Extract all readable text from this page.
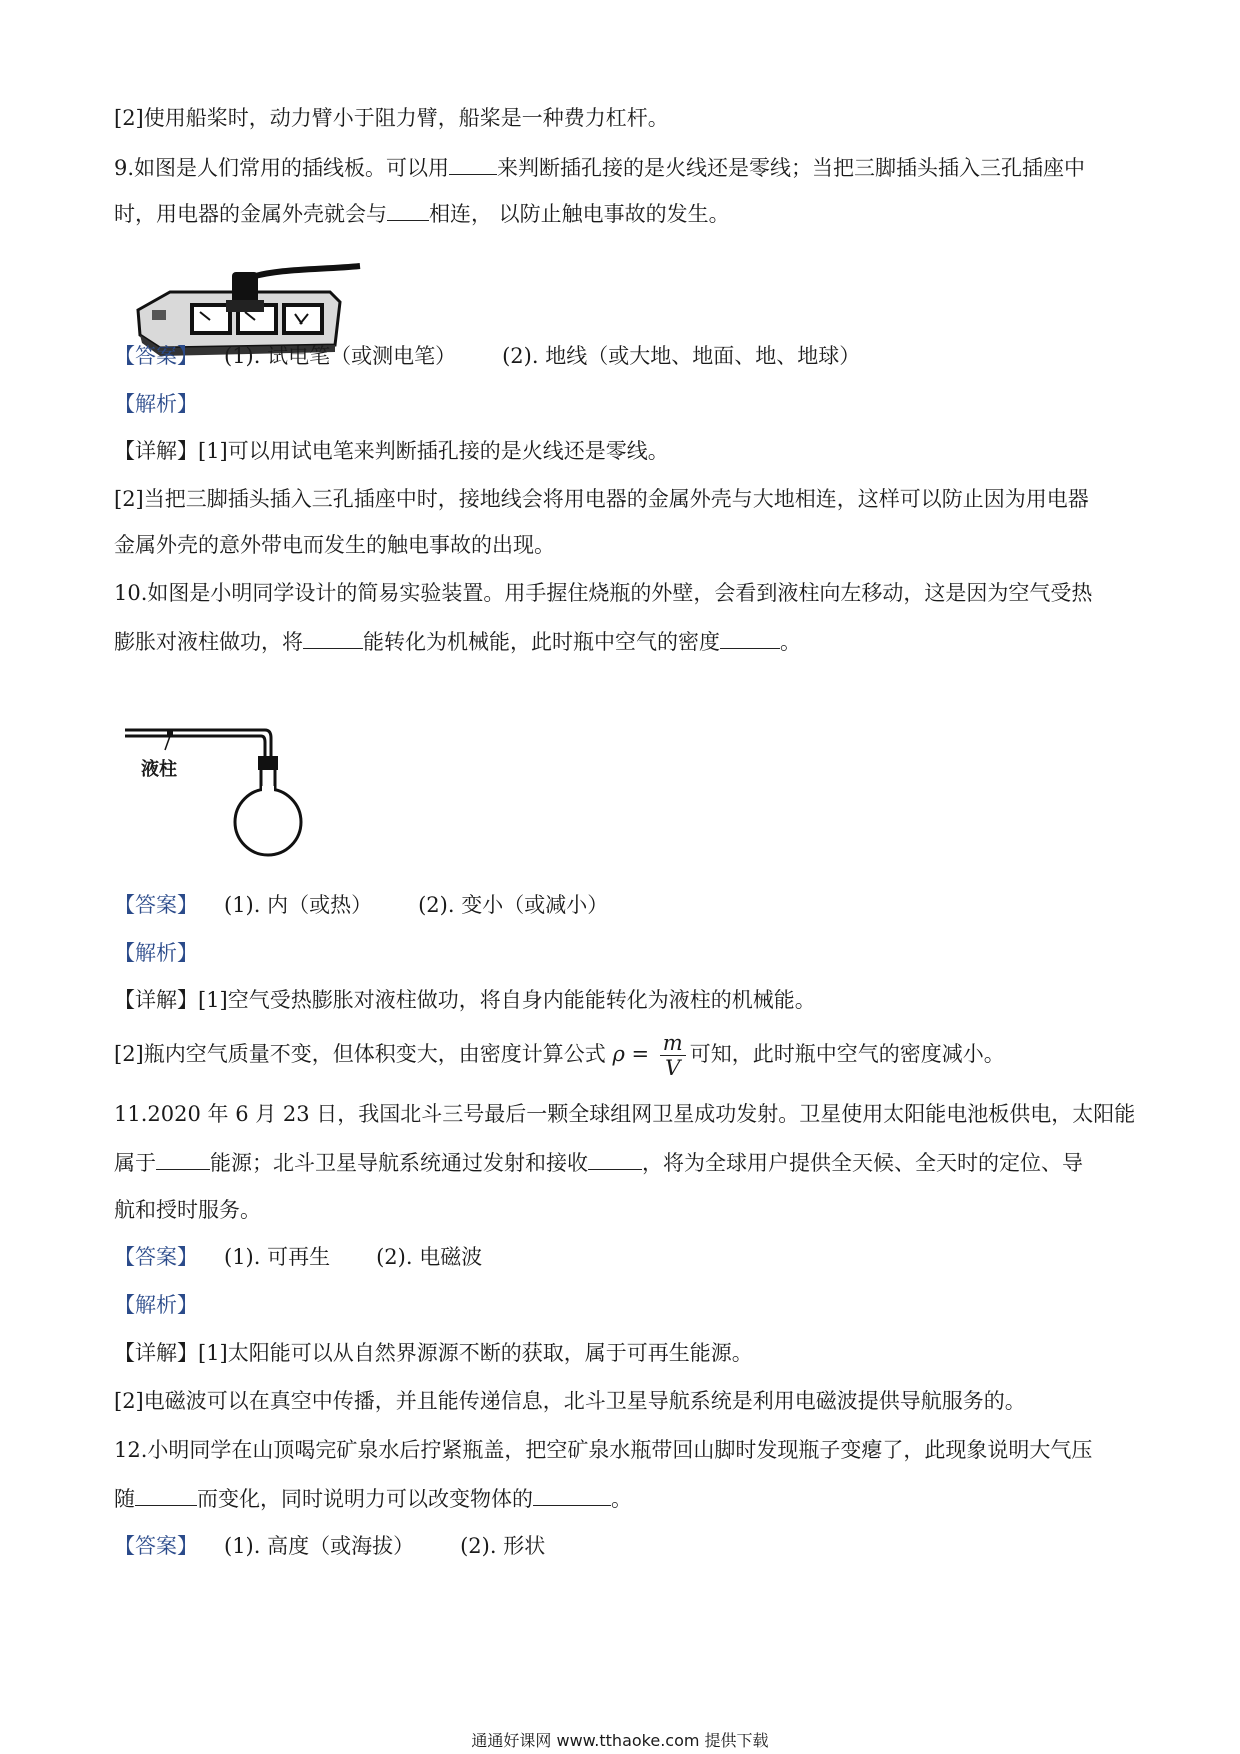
[2]使用船桨时，动力臂小于阻力臂，船桨是一种费力杠杆。
9.如图是人们常用的插线板。可以用 来判断插孔接的是火线还是零线；当把三脚插头插入三孔插座中
时，用电器的金属外壳就会与 相连， 以防止触电事故的发生。
【答案】 (1). 试电笔（或测电笔） (2). 地线（或大地、地面、地、地球）
【解析】
【详解】[1]可以用试电笔来判断插孔接的是火线还是零线。
[2]当把三脚插头插入三孔插座中时，接地线会将用电器的金属外壳与大地相连，这样可以防止因为用电器
金属外壳的意外带电而发生的触电事故的出现。
10.如图是小明同学设计的简易实验装置。用手握住烧瓶的外壁，会看到液柱向左移动，这是因为空气受热
膨胀对液柱做功，将	能转化为机械能，此时瓶中空气的密度	。
液柱
【答案】 (1). 内（或热） (2). 变小（或减小）
【解析】
【详解】[1]空气受热膨胀对液柱做功，将自身内能能转化为液柱的机械能。
[2]瓶内空气质量不变，但体积变大，由密度计算公式 $\rho = \frac{m}{V}$ 可知，此时瓶中空气的密度减小。
11.2020 年 6 月 23 日，我国北斗三号最后一颗全球组网卫星成功发射。卫星使用太阳能电池板供电，太阳能
属于	能源；北斗卫星导航系统通过发射和接收	，将为全球用户提供全天候、全天时的定位、导
航和授时服务。
【答案】 (1). 可再生 (2). 电磁波
【解析】
【详解】[1]太阳能可以从自然界源源不断的获取，属于可再生能源。
[2]电磁波可以在真空中传播，并且能传递信息，北斗卫星导航系统是利用电磁波提供导航服务的。
12.小明同学在山顶喝完矿泉水后拧紧瓶盖，把空矿泉水瓶带回山脚时发现瓶子变瘪了，此现象说明大气压
随	而变化，同时说明力可以改变物体的	。
【答案】 (1). 高度（或海拔） (2). 形状
通通好课网 www.tthaoke.com 提供下载
